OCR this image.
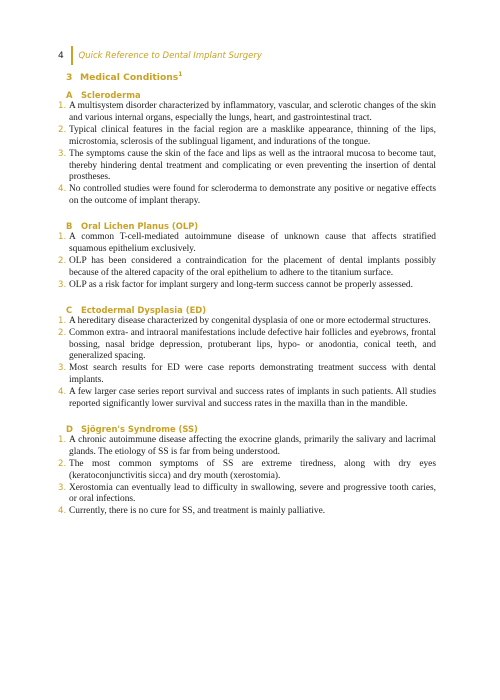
4	Quick Reference to Dental Implant Surgery
3 Medical Conditions$^1$
A Scleroderma
1. A multisystem disorder characterized by inflammatory, vascular, and sclerotic changes of the skin and various internal organs, especially the lungs, heart, and gastrointestinal tract.
2. Typical clinical features in the facial region are a masklike appearance, thinning of the lips, microstomia, sclerosis of the sublingual ligament, and indurations of the tongue.
3. The symptoms cause the skin of the face and lips as well as the intraoral mucosa to become taut, thereby hindering dental treatment and complicating or even preventing the insertion of dental prostheses.
4. No controlled studies were found for scleroderma to demonstrate any positive or negative effects on the outcome of implant therapy.
B Oral Lichen Planus (OLP)
1. A common T-cell-mediated autoimmune disease of unknown cause that affects stratified squamous epithelium exclusively.
2. OLP has been considered a contraindication for the placement of dental implants possibly because of the altered capacity of the oral epithelium to adhere to the titanium surface.
3. OLP as a risk factor for implant surgery and long-term success cannot be properly assessed.
C Ectodermal Dysplasia (ED)
1. A hereditary disease characterized by congenital dysplasia of one or more ectodermal structures.
2. Common extra- and intraoral manifestations include defective hair follicles and eyebrows, frontal bossing, nasal bridge depression, protuberant lips, hypo- or anodontia, conical teeth, and generalized spacing.
3. Most search results for ED were case reports demonstrating treatment success with dental implants.
4. A few larger case series report survival and success rates of implants in such patients. All studies reported significantly lower survival and success rates in the maxilla than in the mandible.
D Sjögren's Syndrome (SS)
1. A chronic autoimmune disease affecting the exocrine glands, primarily the salivary and lacrimal glands. The etiology of SS is far from being understood.
2. The most common symptoms of SS are extreme tiredness, along with dry eyes (keratoconjunctivitis sicca) and dry mouth (xerostomia).
3. Xerostomia can eventually lead to difficulty in swallowing, severe and progressive tooth caries, or oral infections.
4. Currently, there is no cure for SS, and treatment is mainly palliative.
